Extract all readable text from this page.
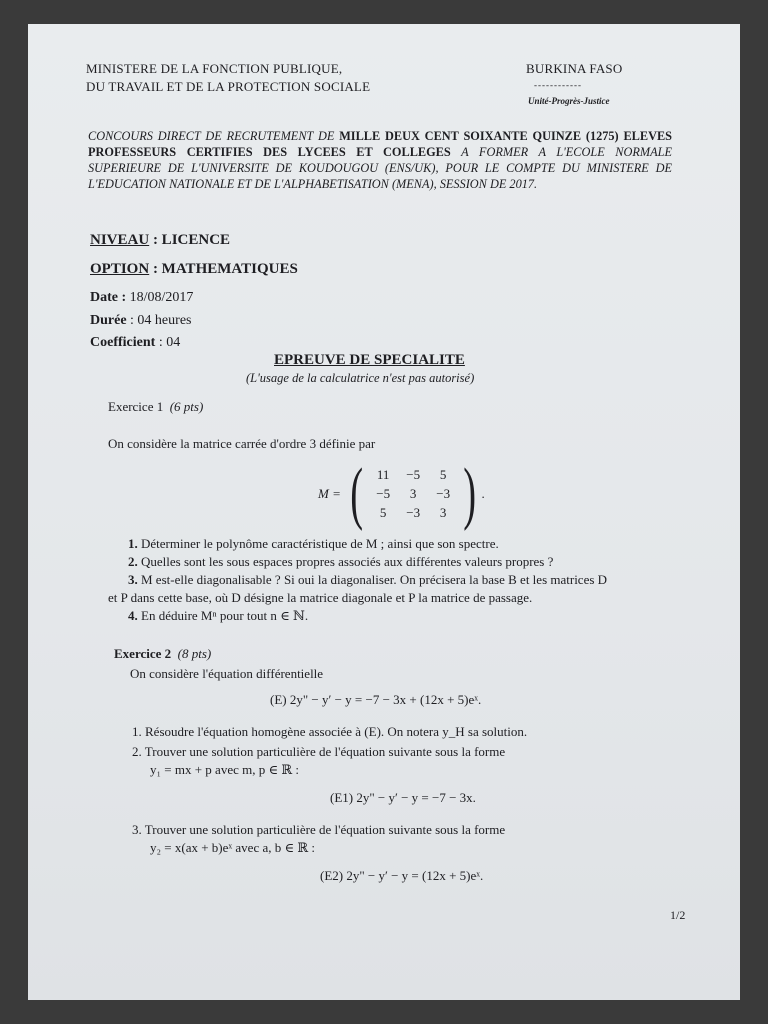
MINISTERE DE LA FONCTION PUBLIQUE,
DU TRAVAIL ET DE LA PROTECTION SOCIALE
BURKINA FASO
------------
Unité-Progrès-Justice
CONCOURS DIRECT DE RECRUTEMENT DE MILLE DEUX CENT SOIXANTE QUINZE (1275) ELEVES PROFESSEURS CERTIFIES DES LYCEES ET COLLEGES A FORMER A L'ECOLE NORMALE SUPERIEURE DE L'UNIVERSITE DE KOUDOUGOU (ENS/UK), POUR LE COMPTE DU MINISTERE DE L'EDUCATION NATIONALE ET DE L'ALPHABETISATION (MENA), SESSION DE 2017.
NIVEAU : LICENCE
OPTION : MATHEMATIQUES
Date : 18/08/2017
Durée : 04 heures
Coefficient : 04
EPREUVE DE SPECIALITE
(L'usage de la calculatrice n'est pas autorisé)
Exercice 1 (6 pts)
On considère la matrice carrée d'ordre 3 définie par
M = (	11	−5	5
−5	3	−3
5	−3	3 ) .
1. Déterminer le polynôme caractéristique de M ; ainsi que son spectre.
2. Quelles sont les sous espaces propres associés aux différentes valeurs propres ?
3. M est-elle diagonalisable ? Si oui la diagonaliser. On précisera la base B et les matrices D
et P dans cette base, où D désigne la matrice diagonale et P la matrice de passage.
4. En déduire Mⁿ pour tout n ∈ ℕ.
Exercice 2 (8 pts)
On considère l'équation différentielle
(E) 2y" − y′ − y = −7 − 3x + (12x + 5)eˣ.
1. Résoudre l'équation homogène associée à (E). On notera y_H sa solution.
2. Trouver une solution particulière de l'équation suivante sous la forme
y₁ = mx + p avec m, p ∈ ℝ :
(E1) 2y" − y′ − y = −7 − 3x.
3. Trouver une solution particulière de l'équation suivante sous la forme
y₂ = x(ax + b)eˣ avec a, b ∈ ℝ :
(E2) 2y" − y′ − y = (12x + 5)eˣ.
1/2
